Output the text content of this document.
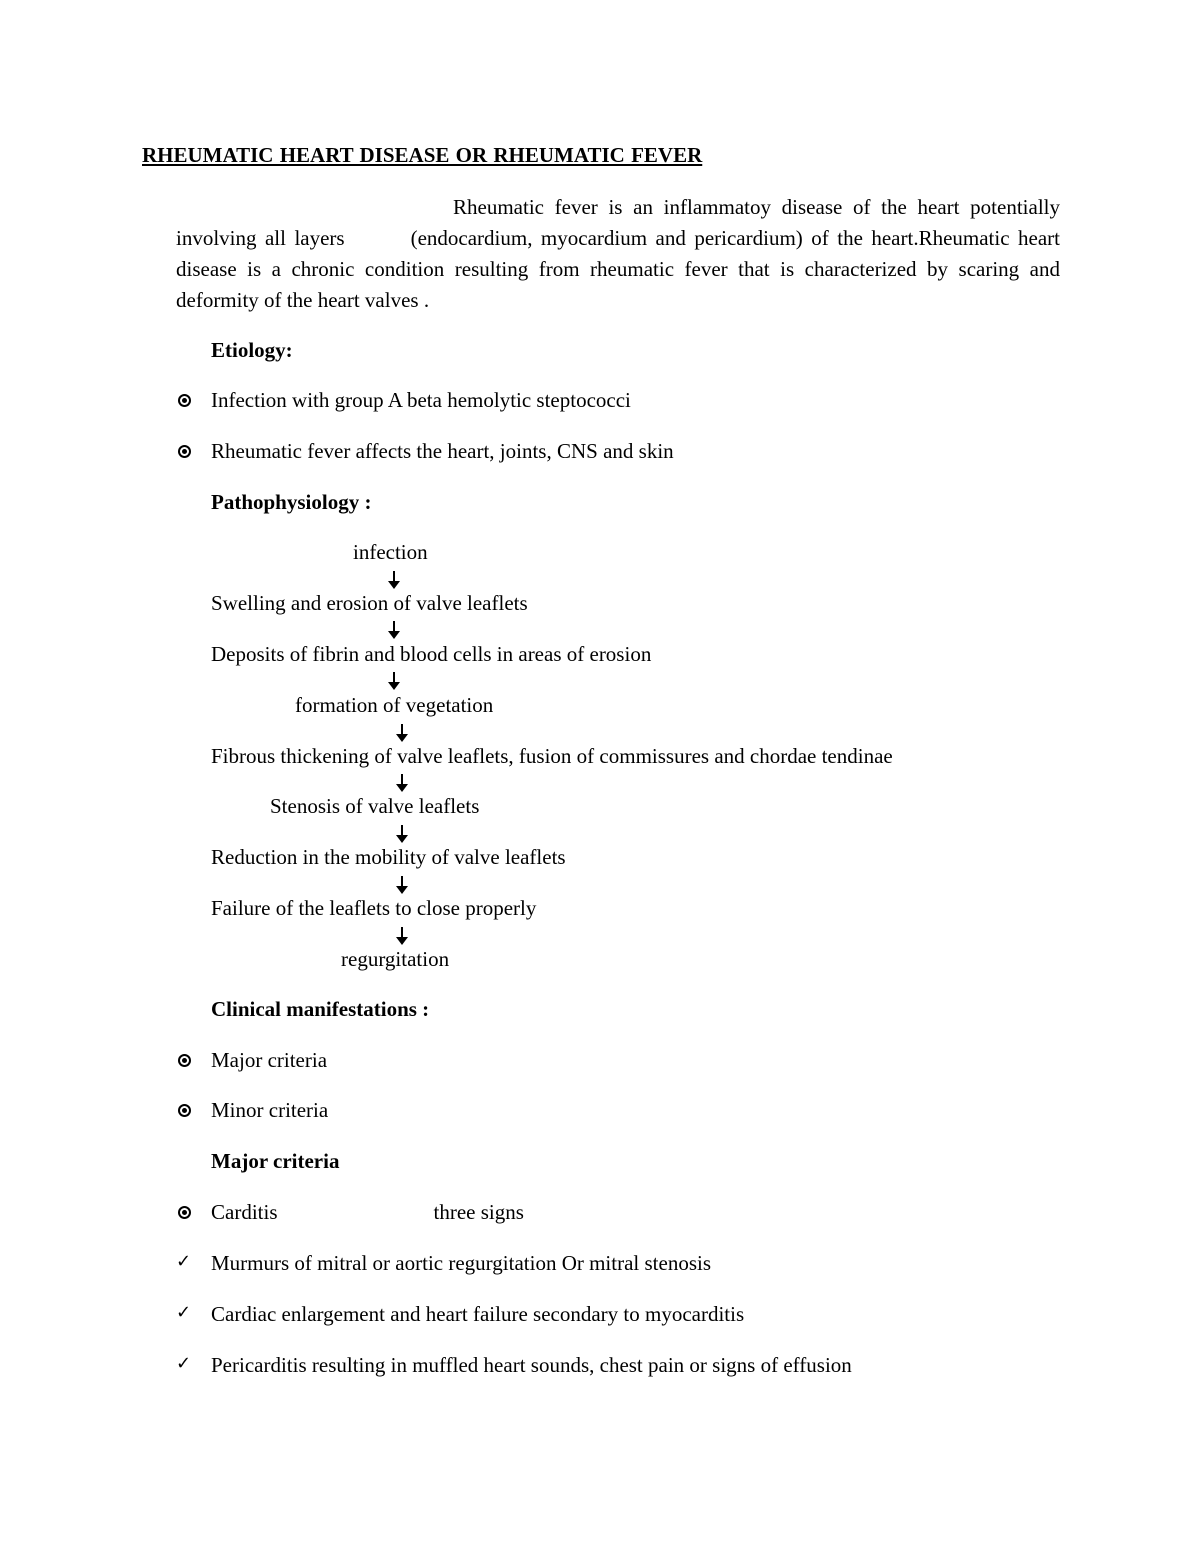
RHEUMATIC HEART DISEASE OR RHEUMATIC FEVER
Rheumatic fever is an inflammatoy disease of the heart potentially involving all layers	(endocardium, myocardium and pericardium) of the heart.Rheumatic heart disease is a chronic condition resulting from rheumatic fever that is characterized by scaring and deformity of the heart valves .
Etiology:
Infection with group A beta hemolytic steptococci
Rheumatic fever affects the heart, joints, CNS and skin
Pathophysiology :
infection
Swelling and erosion of valve leaflets
Deposits of fibrin and blood cells in areas of erosion
formation of vegetation
Fibrous thickening of valve leaflets, fusion of commissures and chordae tendinae
Stenosis of valve leaflets
Reduction in the mobility of valve leaflets
Failure of the leaflets to close properly
regurgitation
Clinical manifestations :
Major criteria
Minor criteria
Major criteria
Carditis	three signs
✓ Murmurs of mitral or aortic regurgitation Or mitral stenosis
✓ Cardiac enlargement and heart failure secondary to myocarditis
✓ Pericarditis resulting in muffled heart sounds, chest pain or signs of effusion
